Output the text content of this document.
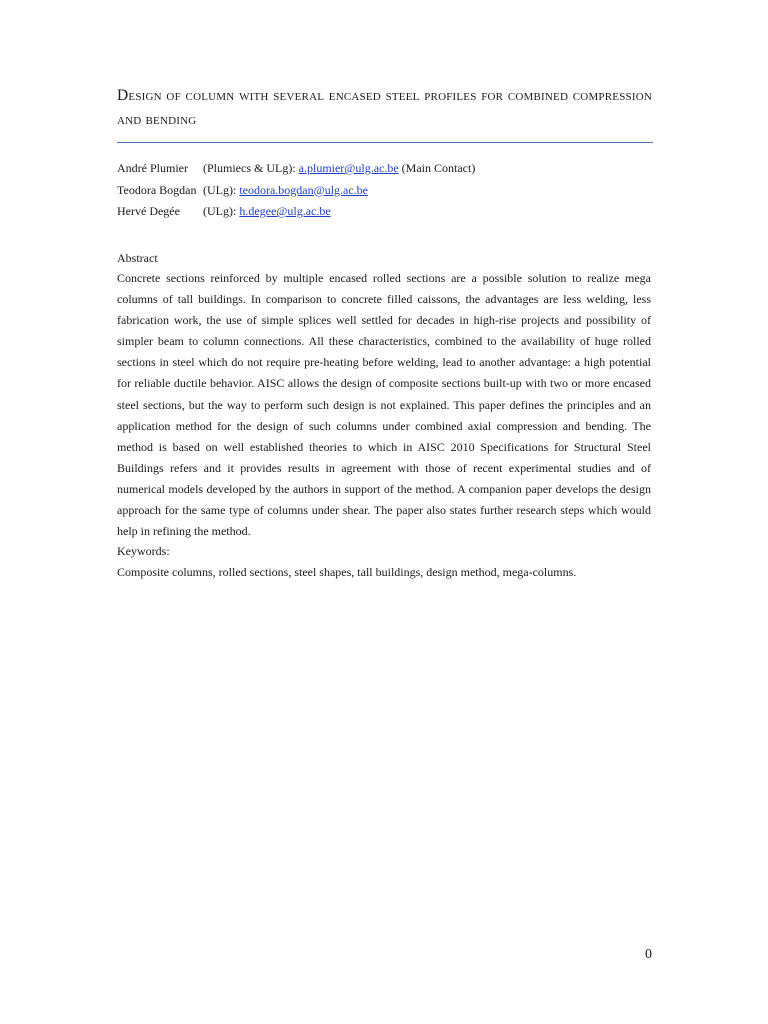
Design of column with several encased steel profiles for combined compression and bending
André Plumier	(Plumiecs & ULg): a.plumier@ulg.ac.be (Main Contact)
Teodora Bogdan (ULg): teodora.bogdan@ulg.ac.be
Hervé Degée	(ULg): h.degee@ulg.ac.be
Abstract

Concrete sections reinforced by multiple encased rolled sections are a possible solution to realize mega columns of tall buildings. In comparison to concrete filled caissons, the advantages are less welding, less fabrication work, the use of simple splices well settled for decades in high-rise projects and possibility of simpler beam to column connections. All these characteristics, combined to the availability of huge rolled sections in steel which do not require pre-heating before welding, lead to another advantage: a high potential for reliable ductile behavior. AISC allows the design of composite sections built-up with two or more encased steel sections, but the way to perform such design is not explained. This paper defines the principles and an application method for the design of such columns under combined axial compression and bending. The method is based on well established theories to which in AISC 2010 Specifications for Structural Steel Buildings refers and it provides results in agreement with those of recent experimental studies and of numerical models developed by the authors in support of the method. A companion paper develops the design approach for the same type of columns under shear. The paper also states further research steps which would help in refining the method.

Keywords:

Composite columns, rolled sections, steel shapes, tall buildings, design method, mega-columns.

0
